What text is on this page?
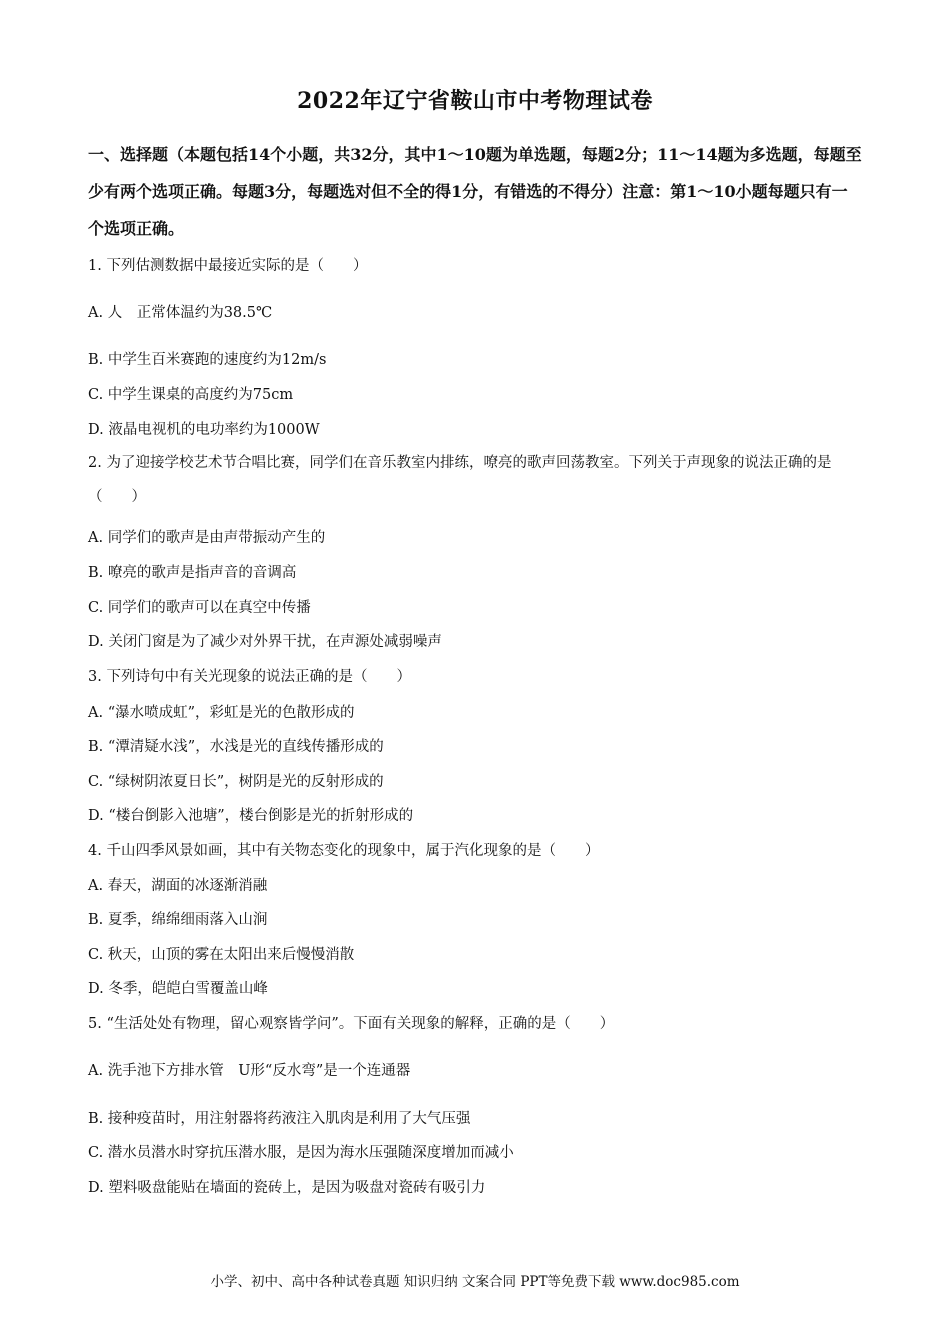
2022年辽宁省鞍山市中考物理试卷
一、选择题（本题包括14个小题，共32分，其中1～10题为单选题，每题2分；11～14题为多选题，每题至少有两个选项正确。每题3分，每题选对但不全的得1分，有错选的不得分）注意：第1～10小题每题只有一个选项正确。
1. 下列估测数据中最接近实际的是（　　）
A. 人　正常体温约为38.5℃
B. 中学生百米赛跑的速度约为12m/s
C. 中学生课桌的高度约为75cm
D. 液晶电视机的电功率约为1000W
2. 为了迎接学校艺术节合唱比赛，同学们在音乐教室内排练，嘹亮的歌声回荡教室。下列关于声现象的说法正确的是（　　）
A. 同学们的歌声是由声带振动产生的
B. 嘹亮的歌声是指声音的音调高
C. 同学们的歌声可以在真空中传播
D. 关闭门窗是为了减少对外界干扰，在声源处减弱噪声
3. 下列诗句中有关光现象的说法正确的是（　　）
A. “瀑水喷成虹”，彩虹是光的色散形成的
B. “潭清疑水浅”，水浅是光的直线传播形成的
C. “绿树阴浓夏日长”，树阴是光的反射形成的
D. “楼台倒影入池塘”，楼台倒影是光的折射形成的
4. 千山四季风景如画，其中有关物态变化的现象中，属于汽化现象的是（　　）
A. 春天，湖面的冰逐渐消融
B. 夏季，绵绵细雨落入山涧
C. 秋天，山顶的雾在太阳出来后慢慢消散
D. 冬季，皑皑白雪覆盖山峰
5. “生活处处有物理，留心观察皆学问”。下面有关现象的解释，正确的是（　　）
A. 洗手池下方排水管　U形“反水弯”是一个连通器
B. 接种疫苗时，用注射器将药液注入肌肉是利用了大气压强
C. 潜水员潜水时穿抗压潜水服，是因为海水压强随深度增加而减小
D. 塑料吸盘能贴在墙面的瓷砖上，是因为吸盘对瓷砖有吸引力
小学、初中、高中各种试卷真题 知识归纳 文案合同 PPT等免费下载 www.doc985.com
